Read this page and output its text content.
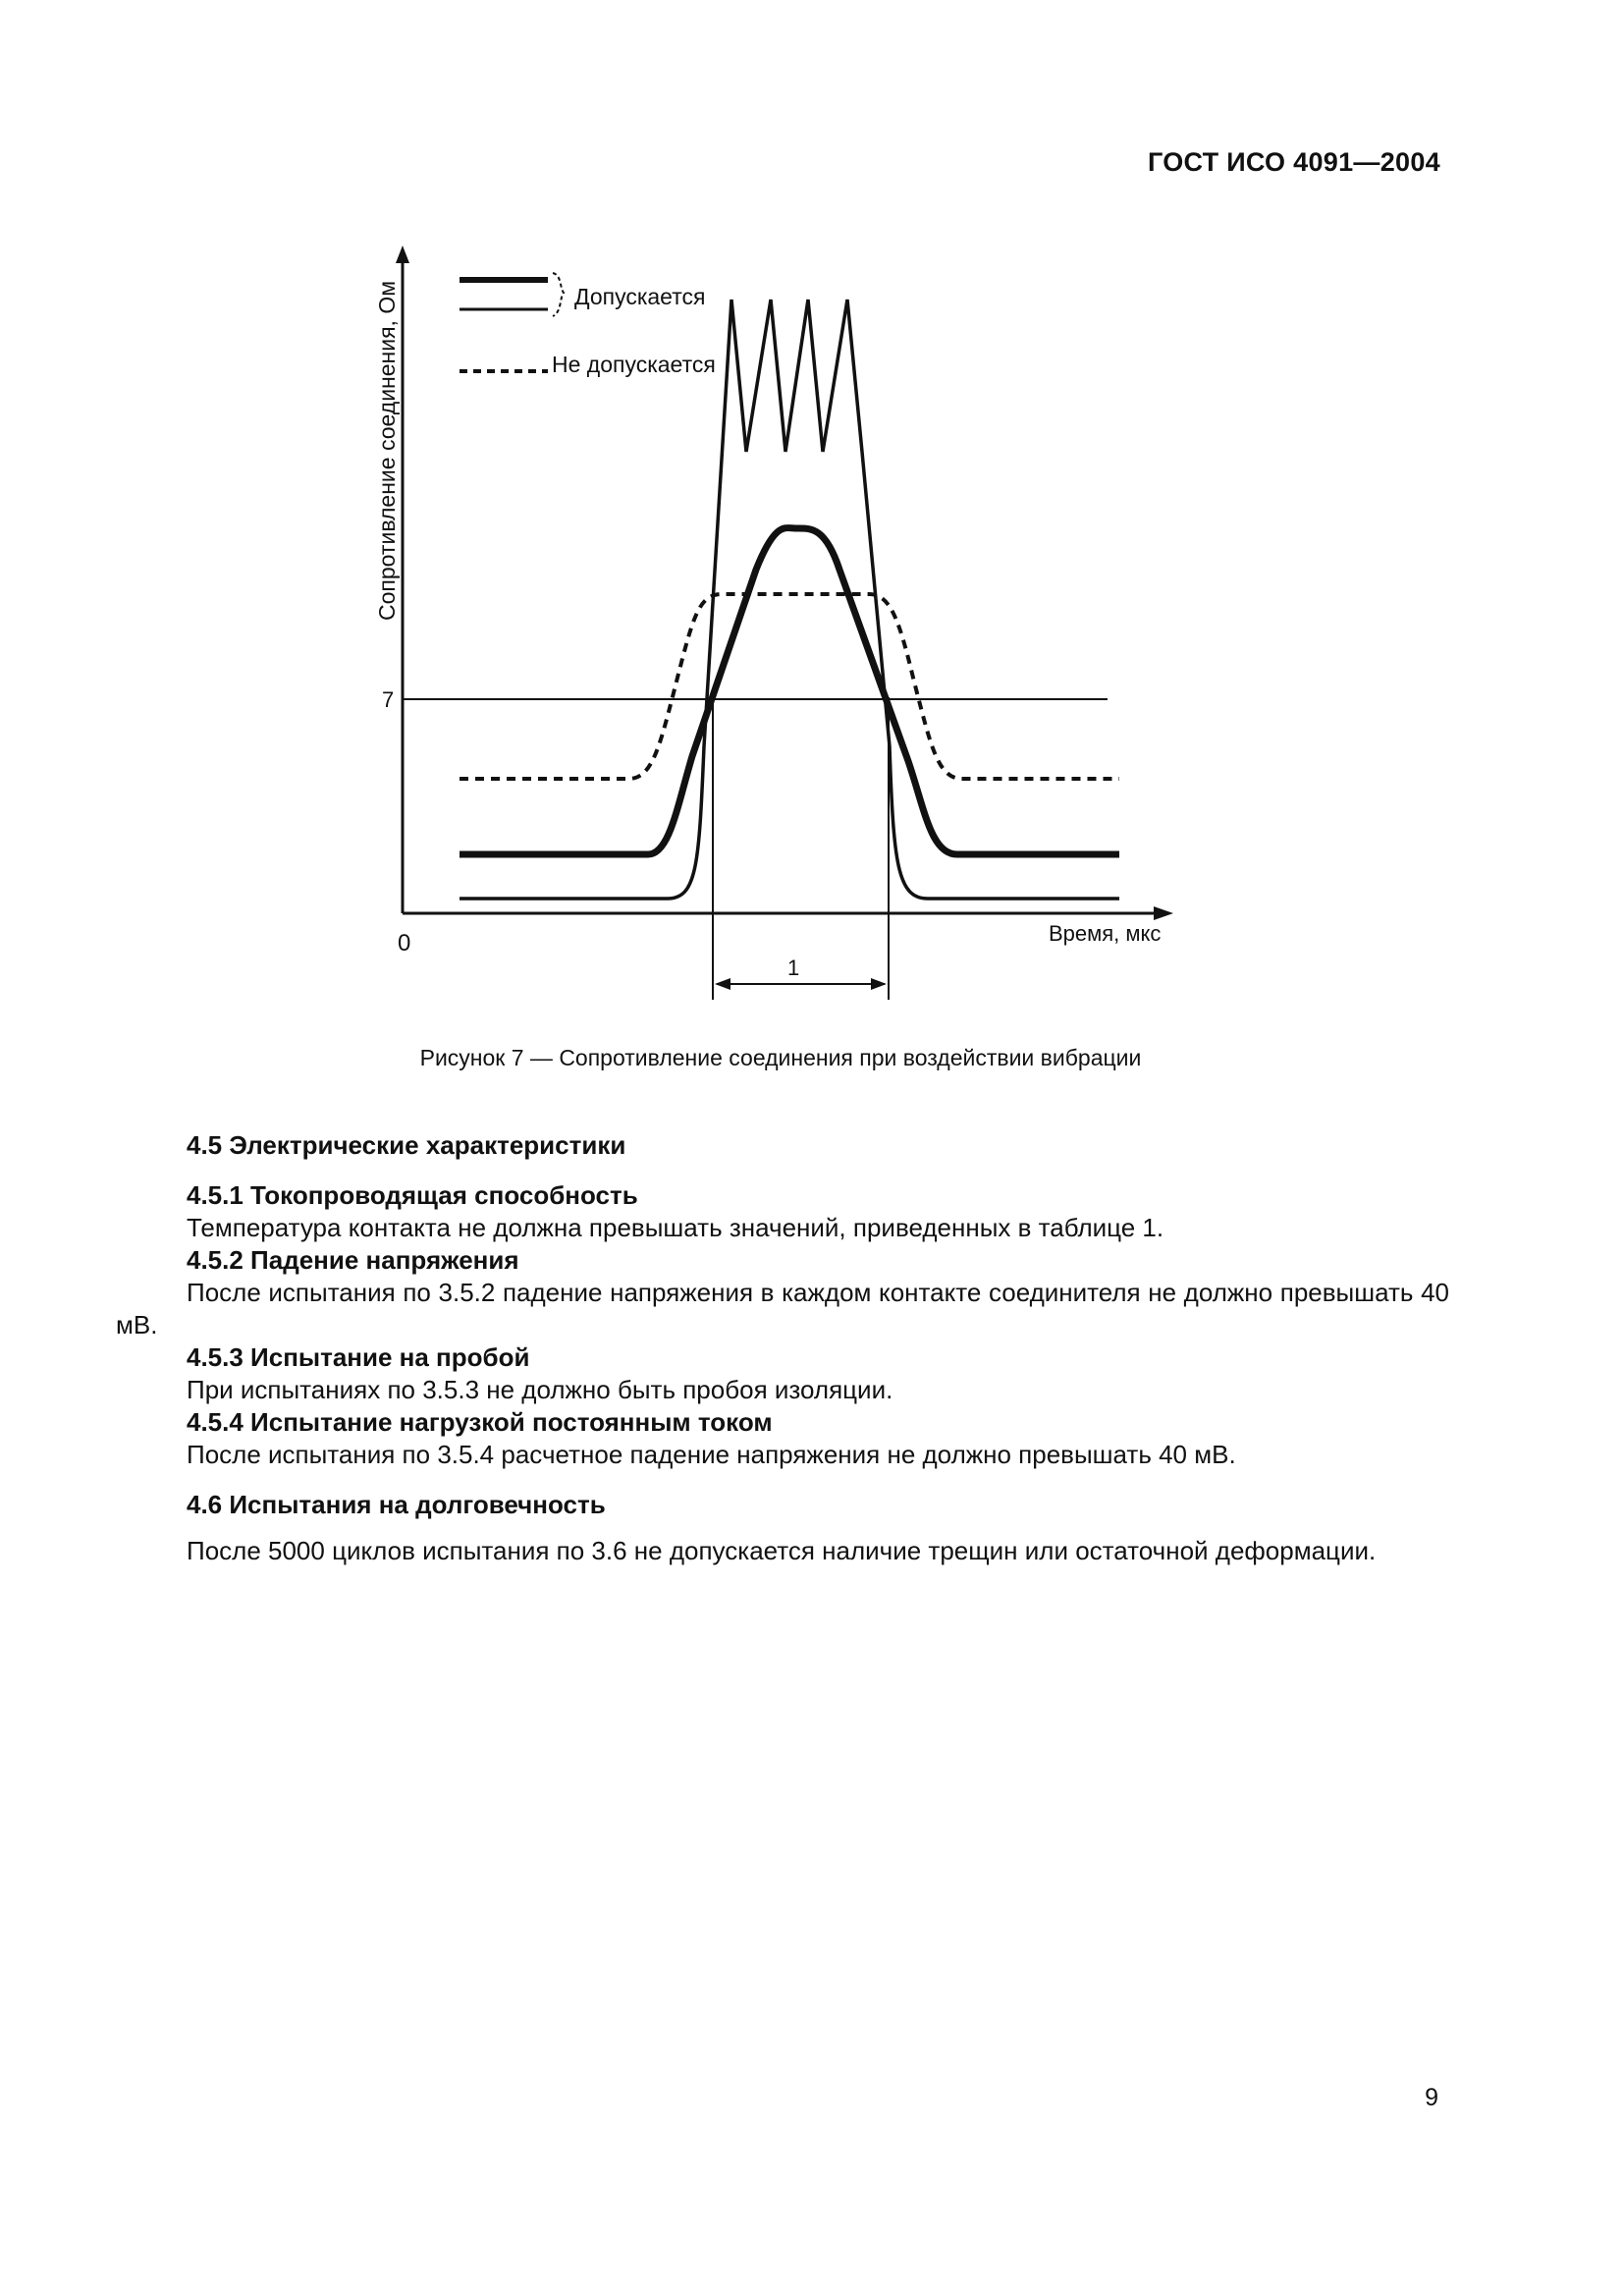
ГОСТ ИСО 4091—2004
Допускается
Не допускается
Сопротивление соединения, Ом
Время, мкс
0
7
1
Рисунок 7 — Сопротивление соединения при воздействии вибрации

4.5 Электрические характеристики

4.5.1 Токопроводящая способность

Температура контакта не должна превышать значений, приведенных в таблице 1.

4.5.2 Падение напряжения

После испытания по 3.5.2 падение напряжения в каждом контакте соединителя не должно превышать 40 мВ.

4.5.3 Испытание на пробой

При испытаниях по 3.5.3 не должно быть пробоя изоляции.

4.5.4 Испытание нагрузкой постоянным током

После испытания по 3.5.4 расчетное падение напряжения не должно превышать 40 мВ.

4.6 Испытания на долговечность

После 5000 циклов испытания по 3.6 не допускается наличие трещин или остаточной деформации.

9
